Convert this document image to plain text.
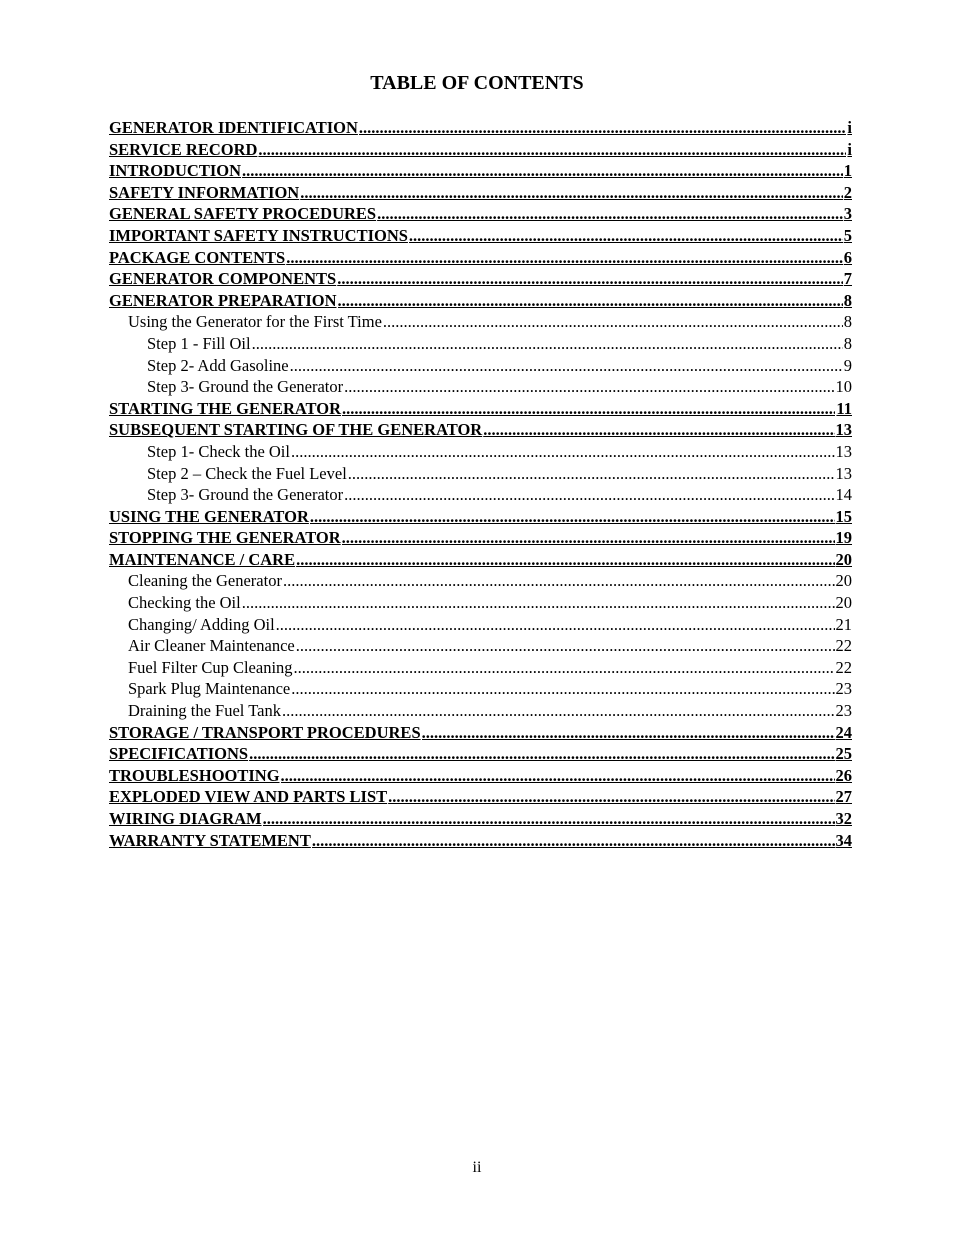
TABLE OF CONTENTS
GENERATOR IDENTIFICATION .....	i
SERVICE RECORD .....	i
INTRODUCTION .....	1
SAFETY INFORMATION .....	2
GENERAL SAFETY PROCEDURES .....	3
IMPORTANT SAFETY INSTRUCTIONS .....	5
PACKAGE CONTENTS .....	6
GENERATOR COMPONENTS .....	7
GENERATOR PREPARATION .....	8
Using the Generator for the First Time .....	8
Step 1 - Fill Oil .....	8
Step 2- Add Gasoline .....	9
Step 3- Ground the Generator .....	10
STARTING THE GENERATOR .....	11
SUBSEQUENT STARTING OF THE GENERATOR .....	13
Step 1- Check the Oil .....	13
Step 2 – Check the Fuel Level .....	13
Step 3- Ground the Generator .....	14
USING THE GENERATOR .....	15
STOPPING THE GENERATOR .....	19
MAINTENANCE / CARE .....	20
Cleaning the Generator .....	20
Checking the Oil .....	20
Changing/ Adding Oil .....	21
Air Cleaner Maintenance .....	22
Fuel Filter Cup Cleaning .....	22
Spark Plug Maintenance .....	23
Draining the Fuel Tank .....	23
STORAGE / TRANSPORT PROCEDURES .....	24
SPECIFICATIONS .....	25
TROUBLESHOOTING .....	26
EXPLODED VIEW AND PARTS LIST .....	27
WIRING DIAGRAM .....	32
WARRANTY STATEMENT .....	34
ii
